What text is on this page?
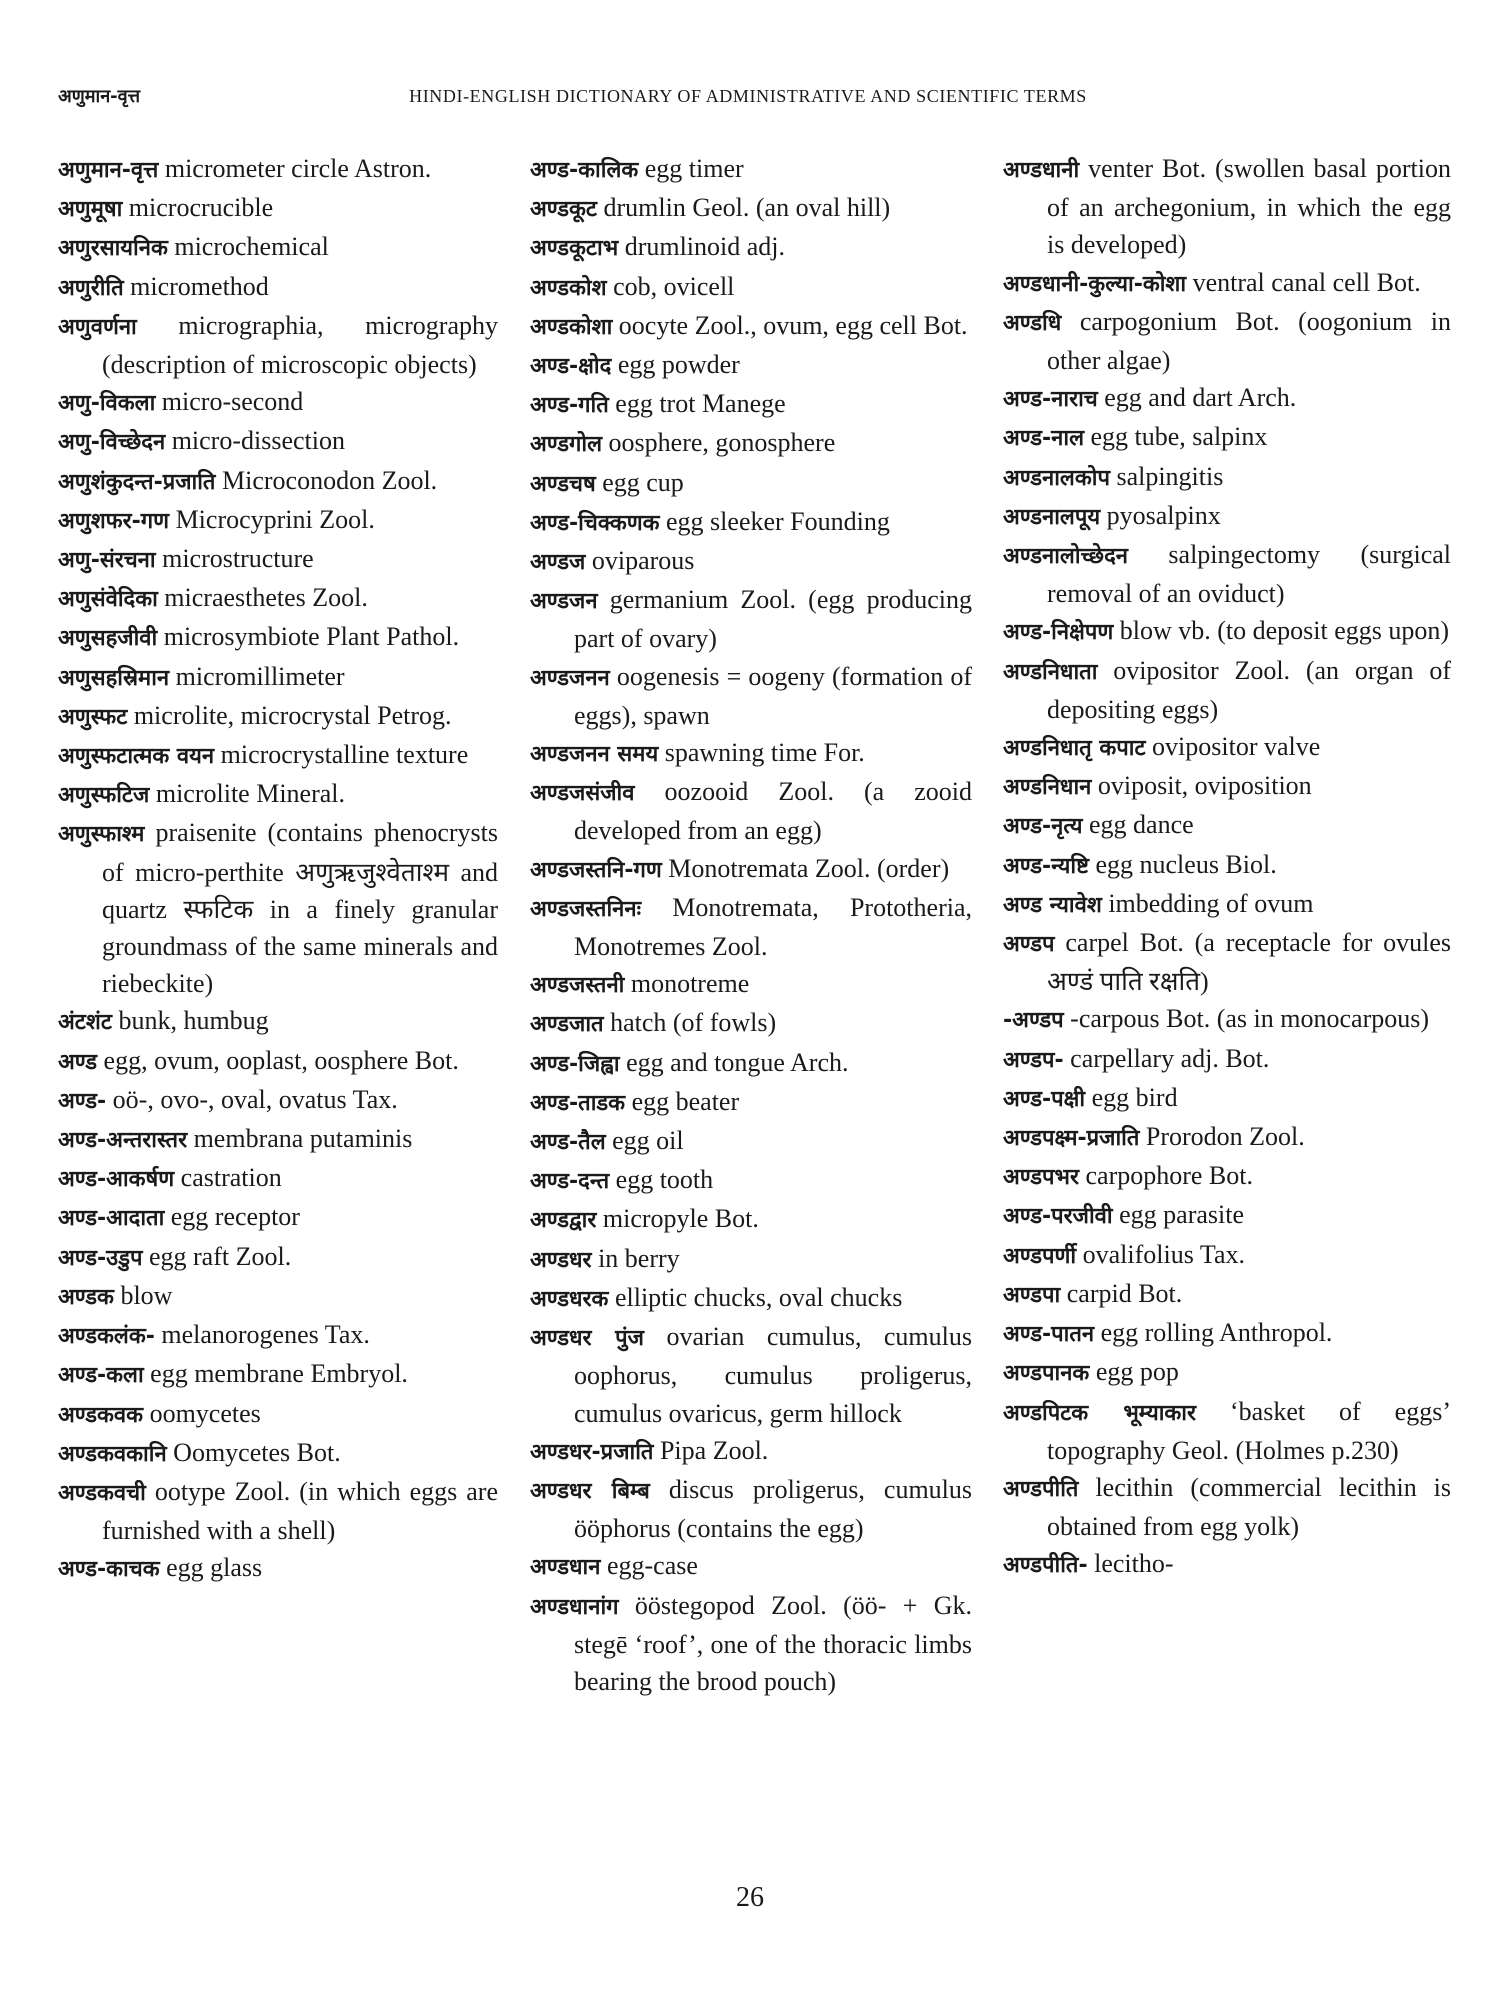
अणुमान-वृत्त	HINDI-ENGLISH DICTIONARY OF ADMINISTRATIVE AND SCIENTIFIC TERMS

अणुमान-वृत्त micrometer circle Astron.

अणुमूषा microcrucible

अणुरसायनिक microchemical

अणुरीति micromethod

अणुवर्णना micrographia, micrography (description of microscopic objects)

अणु-विकला micro-second

अणु-विच्छेदन micro-dissection

अणुशंकुदन्त-प्रजाति Microconodon Zool.

अणुशफर-गण Microcyprini Zool.

अणु-संरचना microstructure

अणुसंवेदिका micraesthetes Zool.

अणुसहजीवी microsymbiote Plant Pathol.

अणुसहस्रिमान micromillimeter

अणुस्फट microlite, microcrystal Petrog.

अणुस्फटात्मक वयन microcrystalline texture

अणुस्फटिज microlite Mineral.

अणुस्फाश्म praisenite (contains phenocrysts of micro-perthite अणुऋजुश्वेताश्म and quartz स्फटिक in a finely granular groundmass of the same minerals and riebeckite)

अंटशंट bunk, humbug

अण्ड egg, ovum, ooplast, oosphere Bot.

अण्ड- oö-, ovo-, oval, ovatus Tax.

अण्ड-अन्तरास्तर membrana putaminis

अण्ड-आकर्षण castration

अण्ड-आदाता egg receptor

अण्ड-उडुप egg raft Zool.

अण्डक blow

अण्डकलंक- melanorogenes Tax.

अण्ड-कला egg membrane Embryol.

अण्डकवक oomycetes

अण्डकवकानि Oomycetes Bot.

अण्डकवची ootype Zool. (in which eggs are furnished with a shell)

अण्ड-काचक egg glass

अण्ड-कालिक egg timer

अण्डकूट drumlin Geol. (an oval hill)

अण्डकूटाभ drumlinoid adj.

अण्डकोश cob, ovicell

अण्डकोशा oocyte Zool., ovum, egg cell Bot.

अण्ड-क्षोद egg powder

अण्ड-गति egg trot Manege

अण्डगोल oosphere, gonosphere

अण्डचष egg cup

अण्ड-चिक्कणक egg sleeker Founding

अण्डज oviparous

अण्डजन germanium Zool. (egg producing part of ovary)

अण्डजनन oogenesis = oogeny (formation of eggs), spawn

अण्डजनन समय spawning time For.

अण्डजसंजीव oozooid Zool. (a zooid developed from an egg)

अण्डजस्तनि-गण Monotremata Zool. (order)

अण्डजस्तनिनः Monotremata, Prototheria, Monotremes Zool.

अण्डजस्तनी monotreme

अण्डजात hatch (of fowls)

अण्ड-जिह्वा egg and tongue Arch.

अण्ड-ताडक egg beater

अण्ड-तैल egg oil

अण्ड-दन्त egg tooth

अण्डद्वार micropyle Bot.

अण्डधर in berry

अण्डधरक elliptic chucks, oval chucks

अण्डधर पुंज ovarian cumulus, cumulus oophorus, cumulus proligerus, cumulus ovaricus, germ hillock

अण्डधर-प्रजाति Pipa Zool.

अण्डधर बिम्ब discus proligerus, cumulus ööphorus (contains the egg)

अण्डधान egg-case

अण्डधानांग ööstegopod Zool. (öö- + Gk. stegē ‘roof’, one of the thoracic limbs bearing the brood pouch)

अण्डधानी venter Bot. (swollen basal portion of an archegonium, in which the egg is developed)

अण्डधानी-कुल्या-कोशा ventral canal cell Bot.

अण्डधि carpogonium Bot. (oogonium in other algae)

अण्ड-नाराच egg and dart Arch.

अण्ड-नाल egg tube, salpinx

अण्डनालकोप salpingitis

अण्डनालपूय pyosalpinx

अण्डनालोच्छेदन salpingectomy (surgical removal of an oviduct)

अण्ड-निक्षेपण blow vb. (to deposit eggs upon)

अण्डनिधाता ovipositor Zool. (an organ of depositing eggs)

अण्डनिधातृ कपाट ovipositor valve

अण्डनिधान oviposit, oviposition

अण्ड-नृत्य egg dance

अण्ड-न्यष्टि egg nucleus Biol.

अण्ड न्यावेश imbedding of ovum

अण्डप carpel Bot. (a receptacle for ovules अण्डं पाति रक्षति)

-अण्डप -carpous Bot. (as in monocarpous)

अण्डप- carpellary adj. Bot.

अण्ड-पक्षी egg bird

अण्डपक्ष्म-प्रजाति Prorodon Zool.

अण्डपभर carpophore Bot.

अण्ड-परजीवी egg parasite

अण्डपर्णी ovalifolius Tax.

अण्डपा carpid Bot.

अण्ड-पातन egg rolling Anthropol.

अण्डपानक egg pop

अण्डपिटक भूम्याकार ‘basket of eggs’ topography Geol. (Holmes p.230)

अण्डपीति lecithin (commercial lecithin is obtained from egg yolk)

अण्डपीति- lecitho-

26
